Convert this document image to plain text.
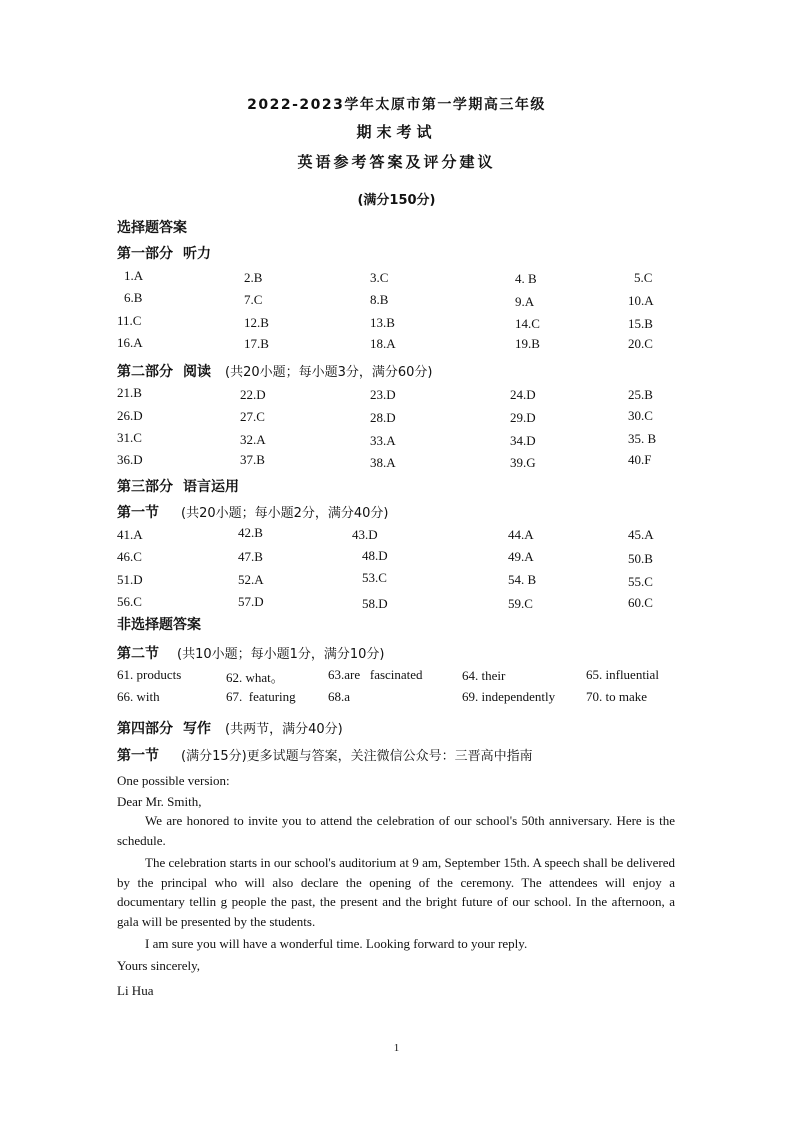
2022-2023学年太原市第一学期高三年级
期末考试
英语参考答案及评分建议
(满分150分)
选择题答案
第一部分 听力
1.A	2.B	3.C	4. B	5.C
6.B	7.C	8.B	9.A	10.A
11.C	12.B	13.B	14.C	15.B
16.A	17.B	18.A	19.B	20.C
第二部分 阅读 (共20小题；每小题3分，满分60分)
21.B	22.D	23.D	24.D	25.B
26.D	27.C	28.D	29.D	30.C
31.C	32.A	33.A	34.D	35. B
36.D	37.B	38.A	39.G	40.F
第三部分 语言运用
第一节 (共20小题；每小题2分，满分40分)
41.A	42.B	43.D	44.A	45.A
46.C	47.B	48.D	49.A	50.B
51.D	52.A	53.C	54. B	55.C
56.C	57.D	58.D	59.C	60.C
非选择题答案
第二节 (共10小题；每小题1分，满分10分)
61. products	62. what。	63.are   fascinated	64. their	65. influential
66. with	67.  featuring 68.a	69. independently 70. to make
第四部分 写作 (共两节，满分40分)
第一节 (满分15分)更多试题与答案，关注微信公众号：三晋高中指南
One possible version:
Dear Mr. Smith,
We are honored to invite you to attend the celebration of our school's 50th anniversary. Here is the schedule.
The celebration starts in our school's auditorium at 9 am, September 15th. A speech shall be delivered by the principal who will also declare the opening of the ceremony. The attendees will enjoy a documentary tellin g people the past, the present and the bright future of our school. In the afternoon, a gala will be presented by the students.
I am sure you will have a wonderful time. Looking forward to your reply.
Yours sincerely,
Li Hua
1
